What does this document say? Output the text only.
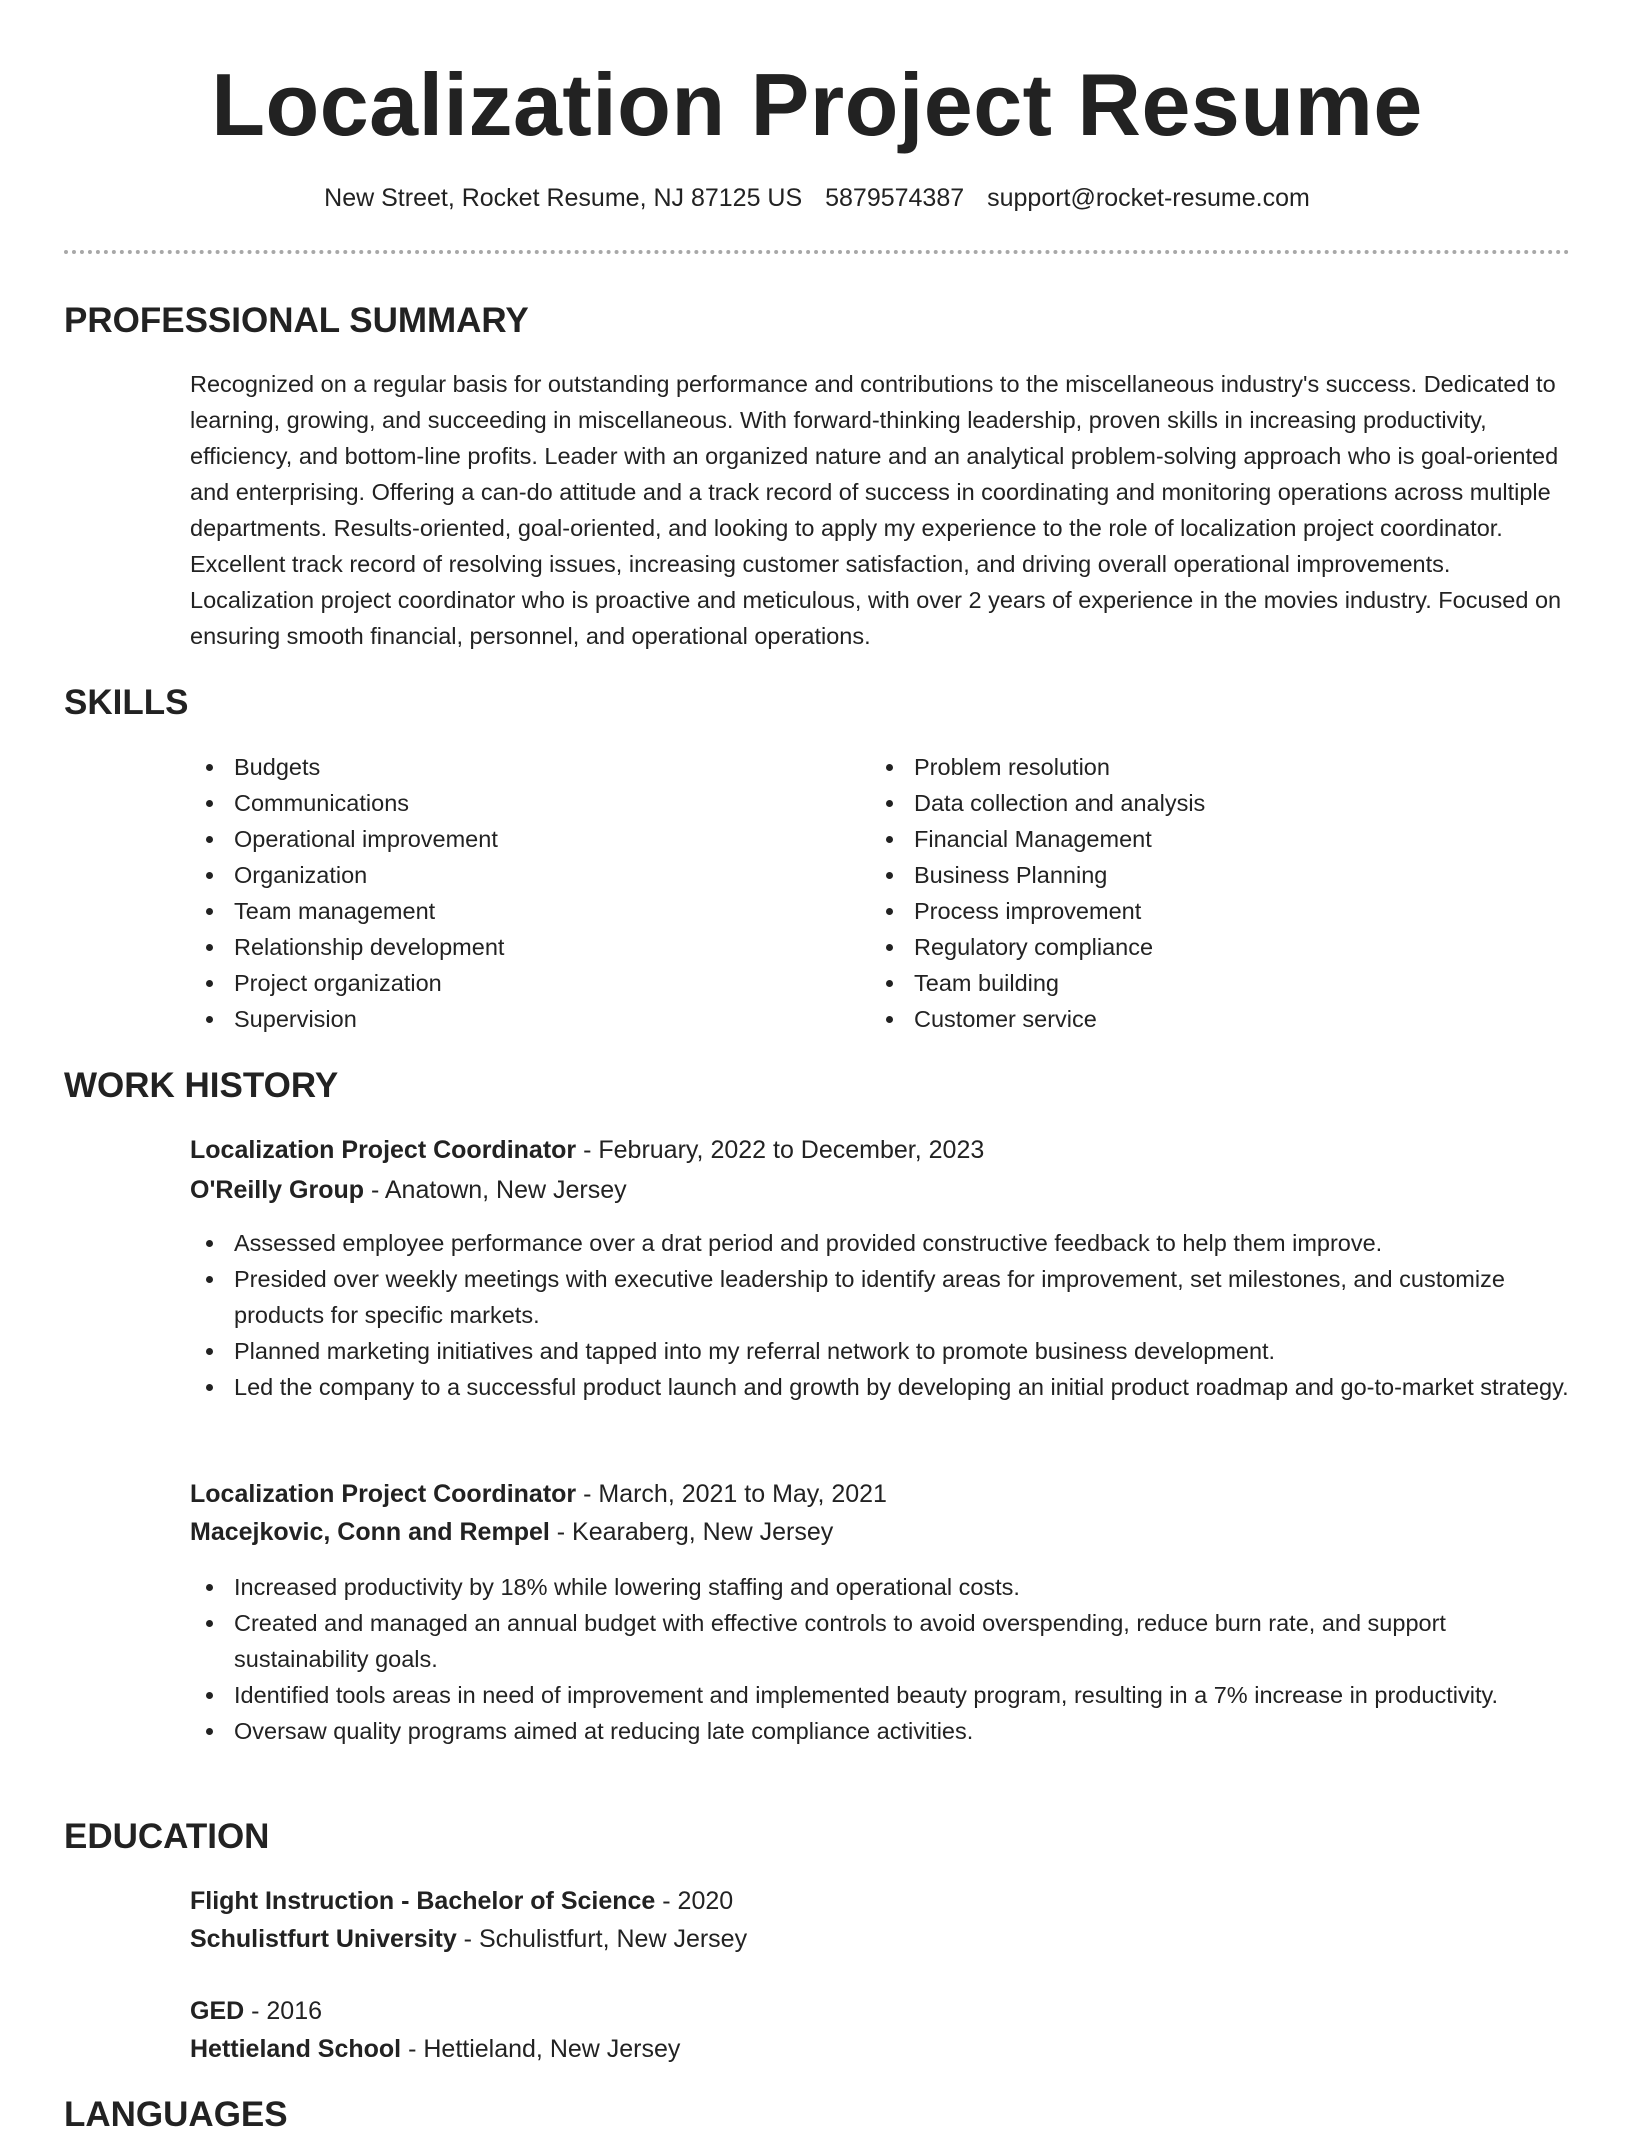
Localization Project Resume
New Street, Rocket Resume, NJ 87125 US 5879574387 support@rocket-resume.com
PROFESSIONAL SUMMARY

Recognized on a regular basis for outstanding performance and contributions to the miscellaneous industry's success. Dedicated to learning, growing, and succeeding in miscellaneous. With forward-thinking leadership, proven skills in increasing productivity, efficiency, and bottom-line profits. Leader with an organized nature and an analytical problem-solving approach who is goal-oriented and enterprising. Offering a can-do attitude and a track record of success in coordinating and monitoring operations across multiple departments. Results-oriented, goal-oriented, and looking to apply my experience to the role of localization project coordinator. Excellent track record of resolving issues, increasing customer satisfaction, and driving overall operational improvements. Localization project coordinator who is proactive and meticulous, with over 2 years of experience in the movies industry. Focused on ensuring smooth financial, personnel, and operational operations.

SKILLS
Budgets
Communications
Operational improvement
Organization
Team management
Relationship development
Project organization
Supervision
Problem resolution
Data collection and analysis
Financial Management
Business Planning
Process improvement
Regulatory compliance
Team building
Customer service
WORK HISTORY
Localization Project Coordinator - February, 2022 to December, 2023
O'Reilly Group - Anatown, New Jersey
Assessed employee performance over a drat period and provided constructive feedback to help them improve.
Presided over weekly meetings with executive leadership to identify areas for improvement, set milestones, and customize products for specific markets.
Planned marketing initiatives and tapped into my referral network to promote business development.
Led the company to a successful product launch and growth by developing an initial product roadmap and go-to-market strategy.
Localization Project Coordinator - March, 2021 to May, 2021
Macejkovic, Conn and Rempel - Kearaberg, New Jersey
Increased productivity by 18% while lowering staffing and operational costs.
Created and managed an annual budget with effective controls to avoid overspending, reduce burn rate, and support sustainability goals.
Identified tools areas in need of improvement and implemented beauty program, resulting in a 7% increase in productivity.
Oversaw quality programs aimed at reducing late compliance activities.
EDUCATION
Flight Instruction - Bachelor of Science - 2020
Schulistfurt University - Schulistfurt, New Jersey
GED - 2016
Hettieland School - Hettieland, New Jersey
LANGUAGES
